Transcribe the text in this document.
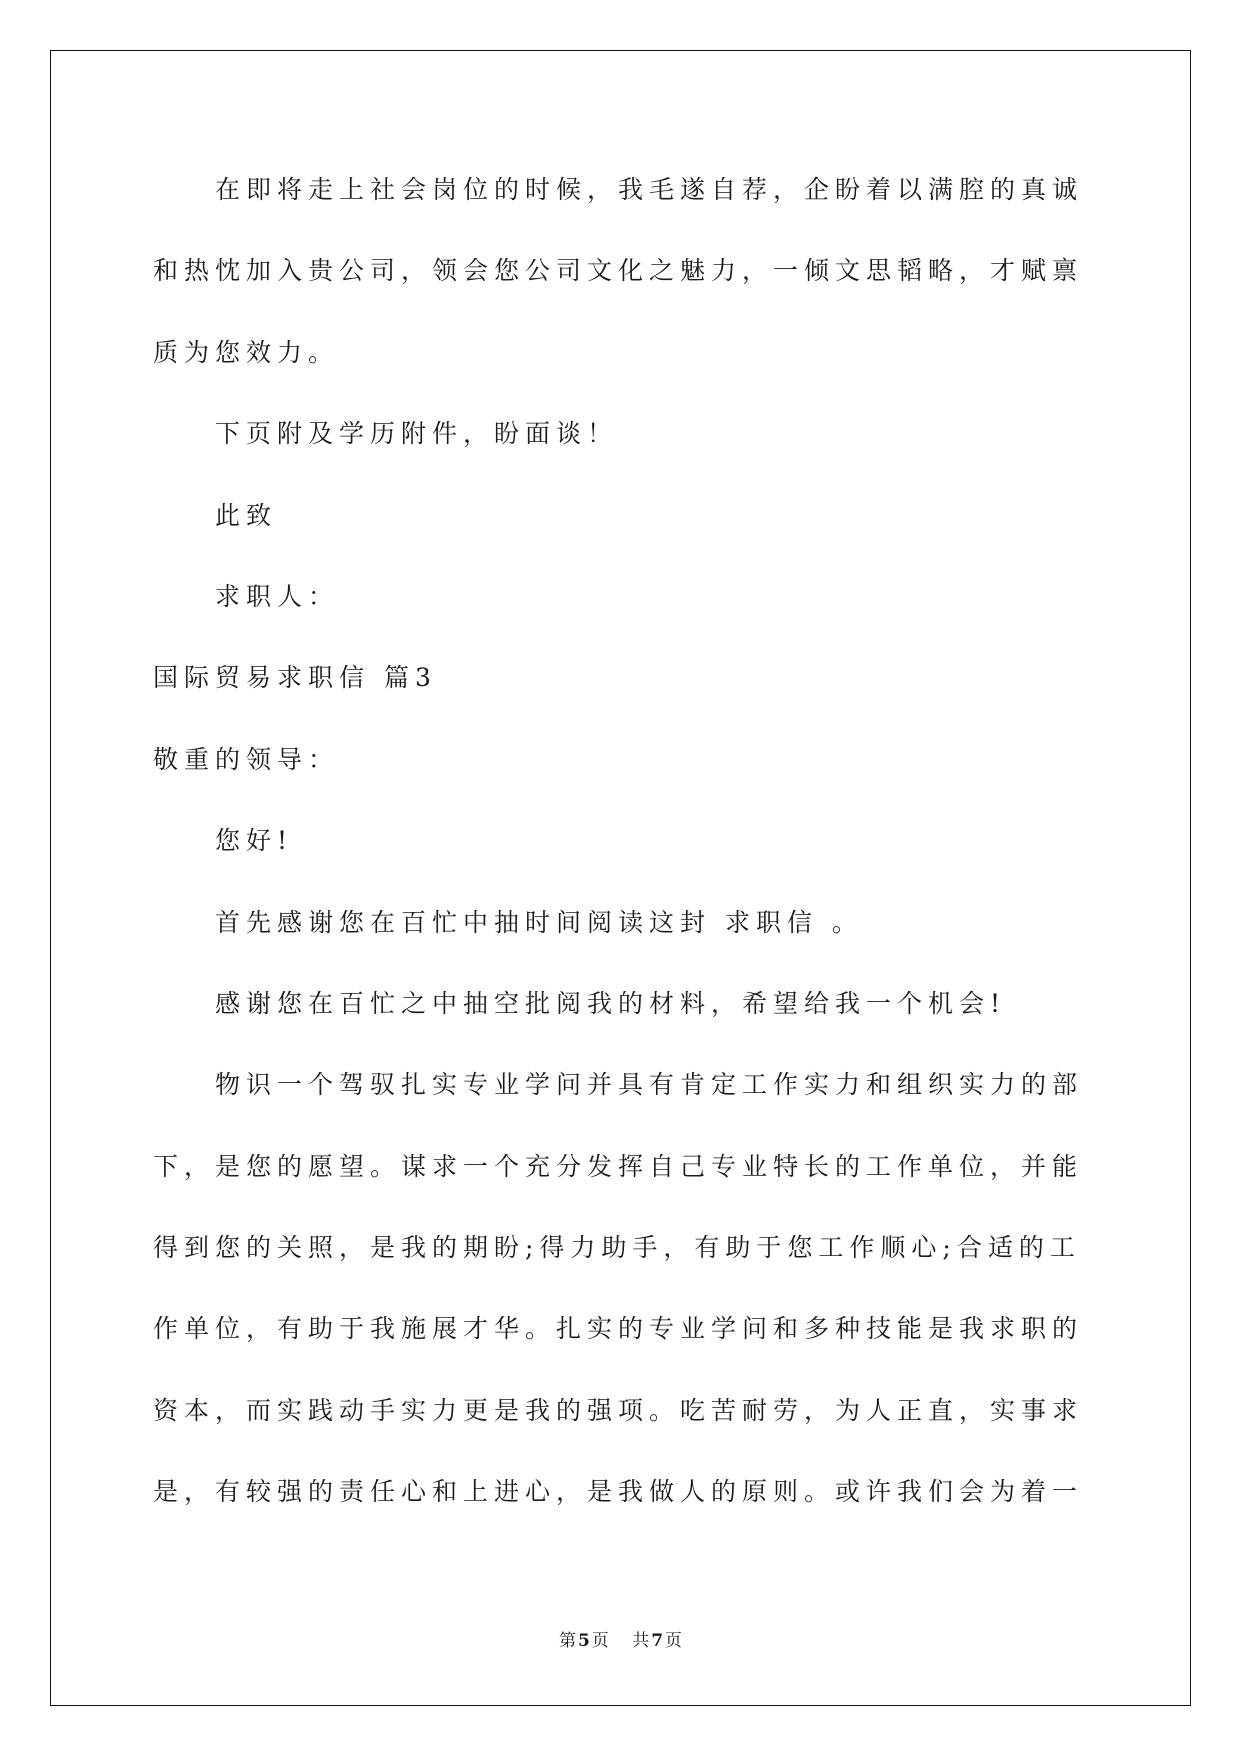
在即将走上社会岗位的时候，我毛遂自荐，企盼着以满腔的真诚
和热忱加入贵公司，领会您公司文化之魅力，一倾文思韬略，才赋禀
质为您效力。
下页附及学历附件，盼面谈！
此致
求职人：
国际贸易求职信 篇3
敬重的领导：
您好!
首先感谢您在百忙中抽时间阅读这封 求职信 。
感谢您在百忙之中抽空批阅我的材料，希望给我一个机会!
物识一个驾驭扎实专业学问并具有肯定工作实力和组织实力的部
下，是您的愿望。谋求一个充分发挥自己专业特长的工作单位，并能
得到您的关照，是我的期盼;得力助手，有助于您工作顺心;合适的工
作单位，有助于我施展才华。扎实的专业学问和多种技能是我求职的
资本，而实践动手实力更是我的强项。吃苦耐劳，为人正直，实事求
是，有较强的责任心和上进心，是我做人的原则。或许我们会为着一
第 5 页 共 7 页
